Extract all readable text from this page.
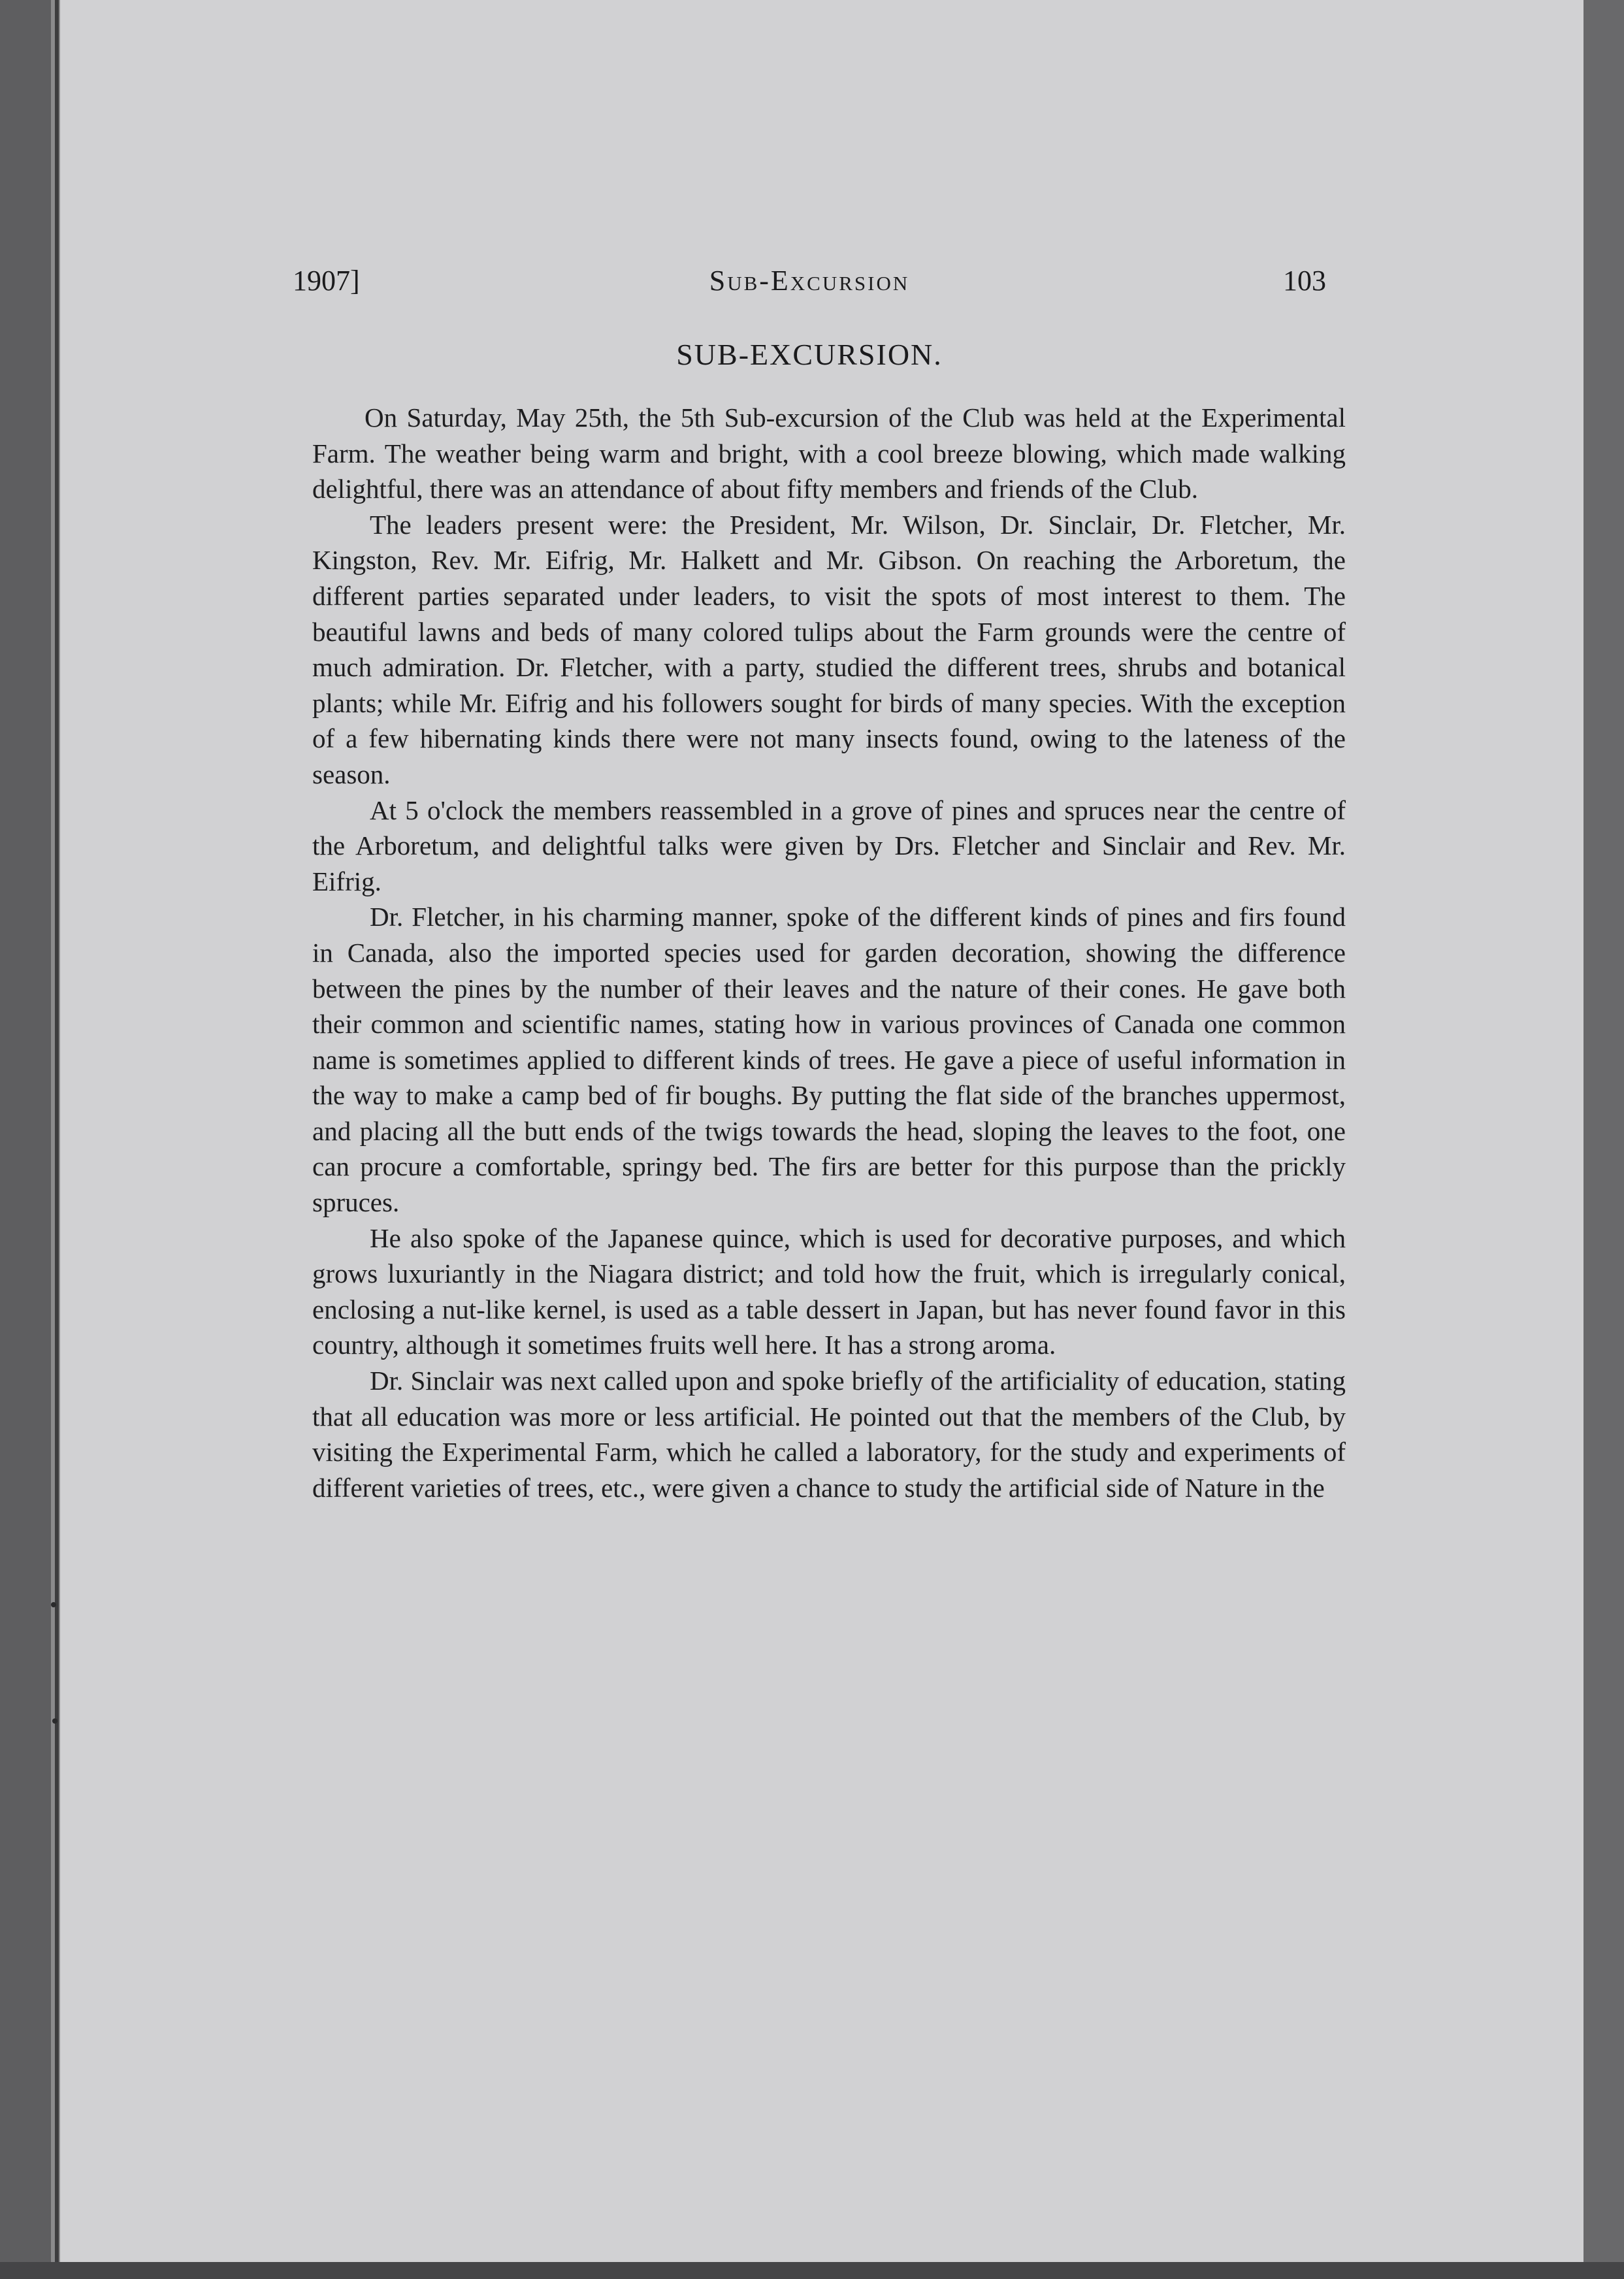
1907]	Sub-Excursion	103
SUB-EXCURSION.

On Saturday, May 25th, the 5th Sub-excursion of the Club was held at the Experimental Farm. The weather being warm and bright, with a cool breeze blowing, which made walking delightful, there was an attendance of about fifty members and friends of the Club.

The leaders present were: the President, Mr. Wilson, Dr. Sinclair, Dr. Fletcher, Mr. Kingston, Rev. Mr. Eifrig, Mr. Halkett and Mr. Gibson. On reaching the Arboretum, the different parties separated under leaders, to visit the spots of most interest to them. The beautiful lawns and beds of many colored tulips about the Farm grounds were the centre of much admiration. Dr. Fletcher, with a party, studied the different trees, shrubs and botanical plants; while Mr. Eifrig and his followers sought for birds of many species. With the exception of a few hibernating kinds there were not many insects found, owing to the lateness of the season.

At 5 o'clock the members reassembled in a grove of pines and spruces near the centre of the Arboretum, and delightful talks were given by Drs. Fletcher and Sinclair and Rev. Mr. Eifrig.

Dr. Fletcher, in his charming manner, spoke of the different kinds of pines and firs found in Canada, also the imported species used for garden decoration, showing the difference between the pines by the number of their leaves and the nature of their cones. He gave both their common and scientific names, stating how in various provinces of Canada one common name is sometimes applied to different kinds of trees. He gave a piece of useful information in the way to make a camp bed of fir boughs. By putting the flat side of the branches uppermost, and placing all the butt ends of the twigs towards the head, sloping the leaves to the foot, one can procure a comfortable, springy bed. The firs are better for this purpose than the prickly spruces.

He also spoke of the Japanese quince, which is used for decorative purposes, and which grows luxuriantly in the Niagara district; and told how the fruit, which is irregularly conical, enclosing a nut-like kernel, is used as a table dessert in Japan, but has never found favor in this country, although it sometimes fruits well here. It has a strong aroma.

Dr. Sinclair was next called upon and spoke briefly of the artificiality of education, stating that all education was more or less artificial. He pointed out that the members of the Club, by visiting the Experimental Farm, which he called a laboratory, for the study and experiments of different varieties of trees, etc., were given a chance to study the artificial side of Nature in the
